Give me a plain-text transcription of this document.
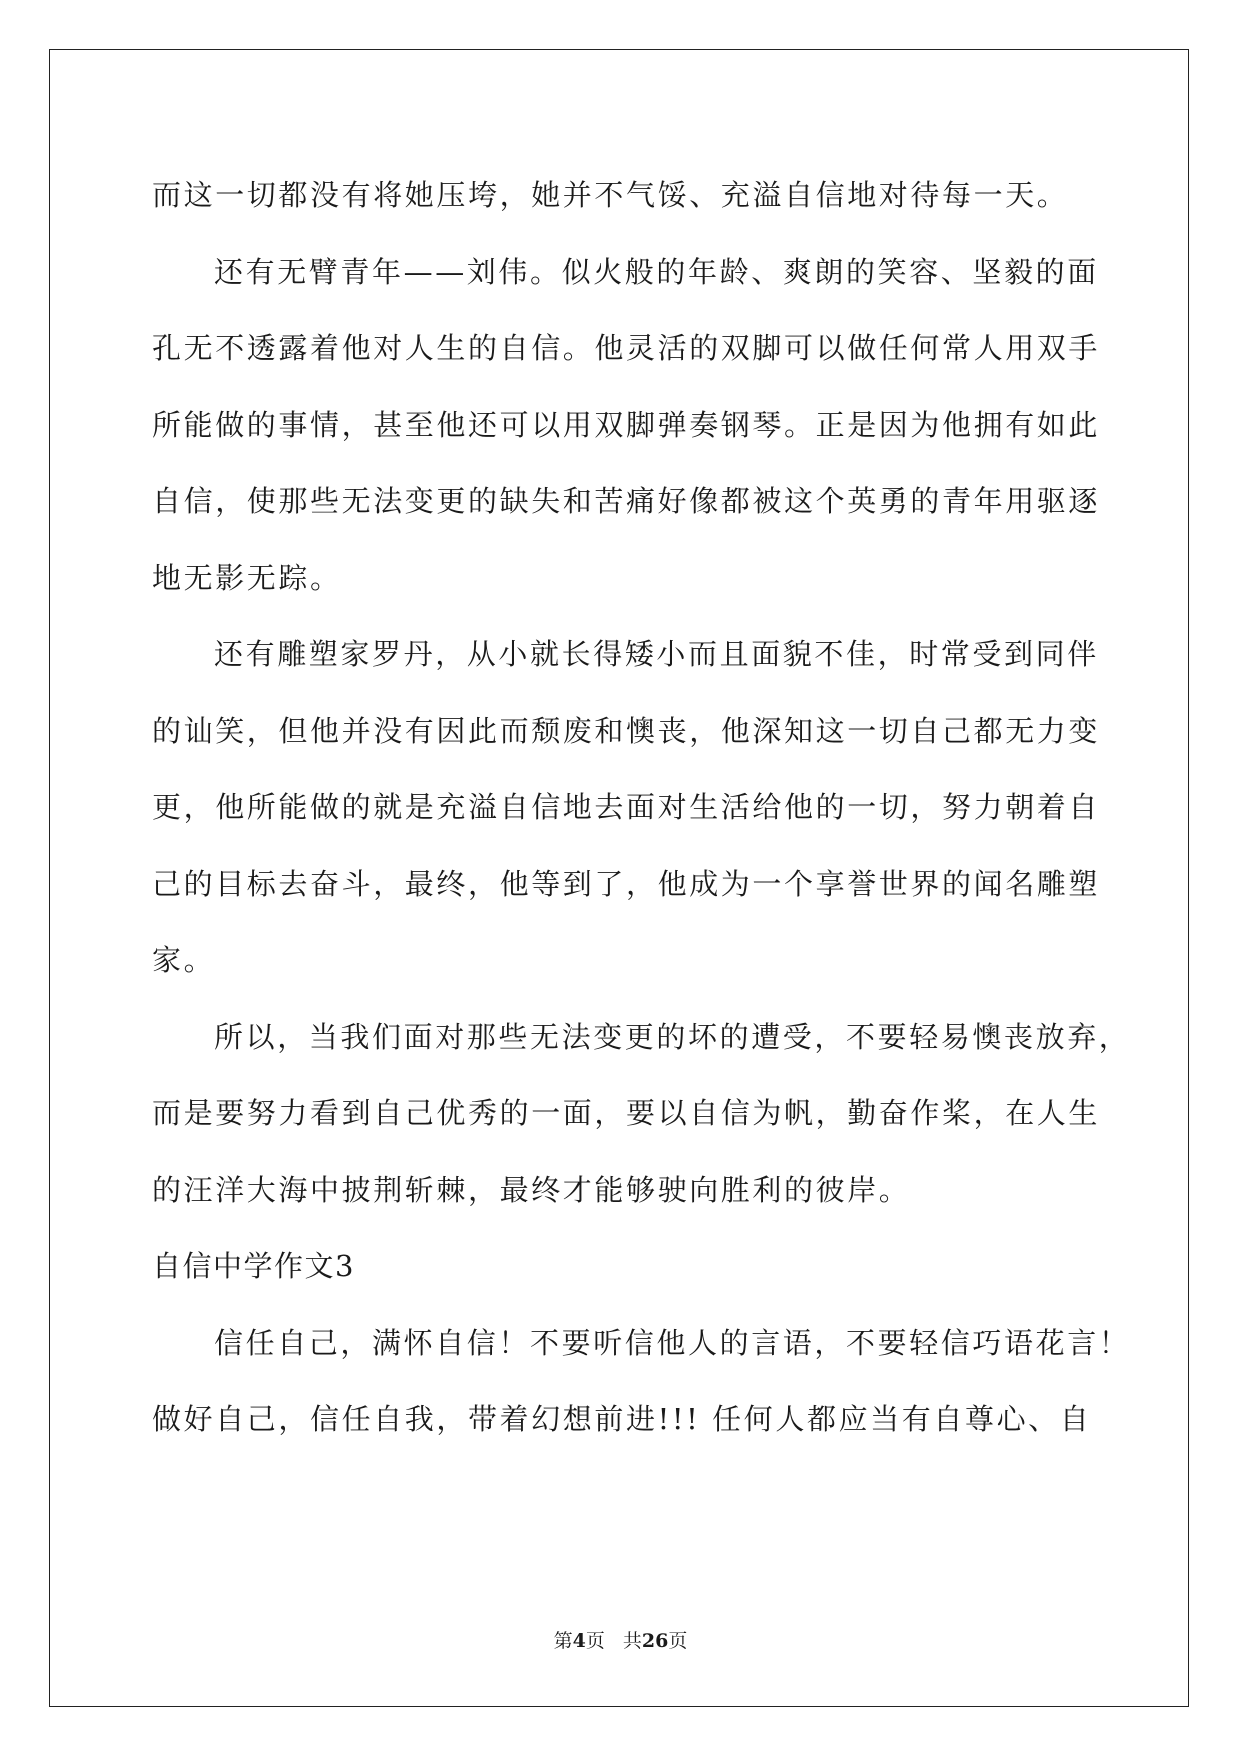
而这一切都没有将她压垮，她并不气馁、充溢自信地对待每一天。
还有无臂青年——刘伟。似火般的年龄、爽朗的笑容、坚毅的面
孔无不透露着他对人生的自信。他灵活的双脚可以做任何常人用双手
所能做的事情，甚至他还可以用双脚弹奏钢琴。正是因为他拥有如此
自信，使那些无法变更的缺失和苦痛好像都被这个英勇的青年用驱逐
地无影无踪。
还有雕塑家罗丹，从小就长得矮小而且面貌不佳，时常受到同伴
的讪笑，但他并没有因此而颓废和懊丧，他深知这一切自己都无力变
更，他所能做的就是充溢自信地去面对生活给他的一切，努力朝着自
己的目标去奋斗，最终，他等到了，他成为一个享誉世界的闻名雕塑
家。
所以，当我们面对那些无法变更的坏的遭受，不要轻易懊丧放弃，
而是要努力看到自己优秀的一面，要以自信为帆，勤奋作桨，在人生
的汪洋大海中披荆斩棘，最终才能够驶向胜利的彼岸。
自信中学作文3
信任自己，满怀自信！不要听信他人的言语，不要轻信巧语花言！
做好自己，信任自我，带着幻想前进!!! 任何人都应当有自尊心、自
第4页 共26页
